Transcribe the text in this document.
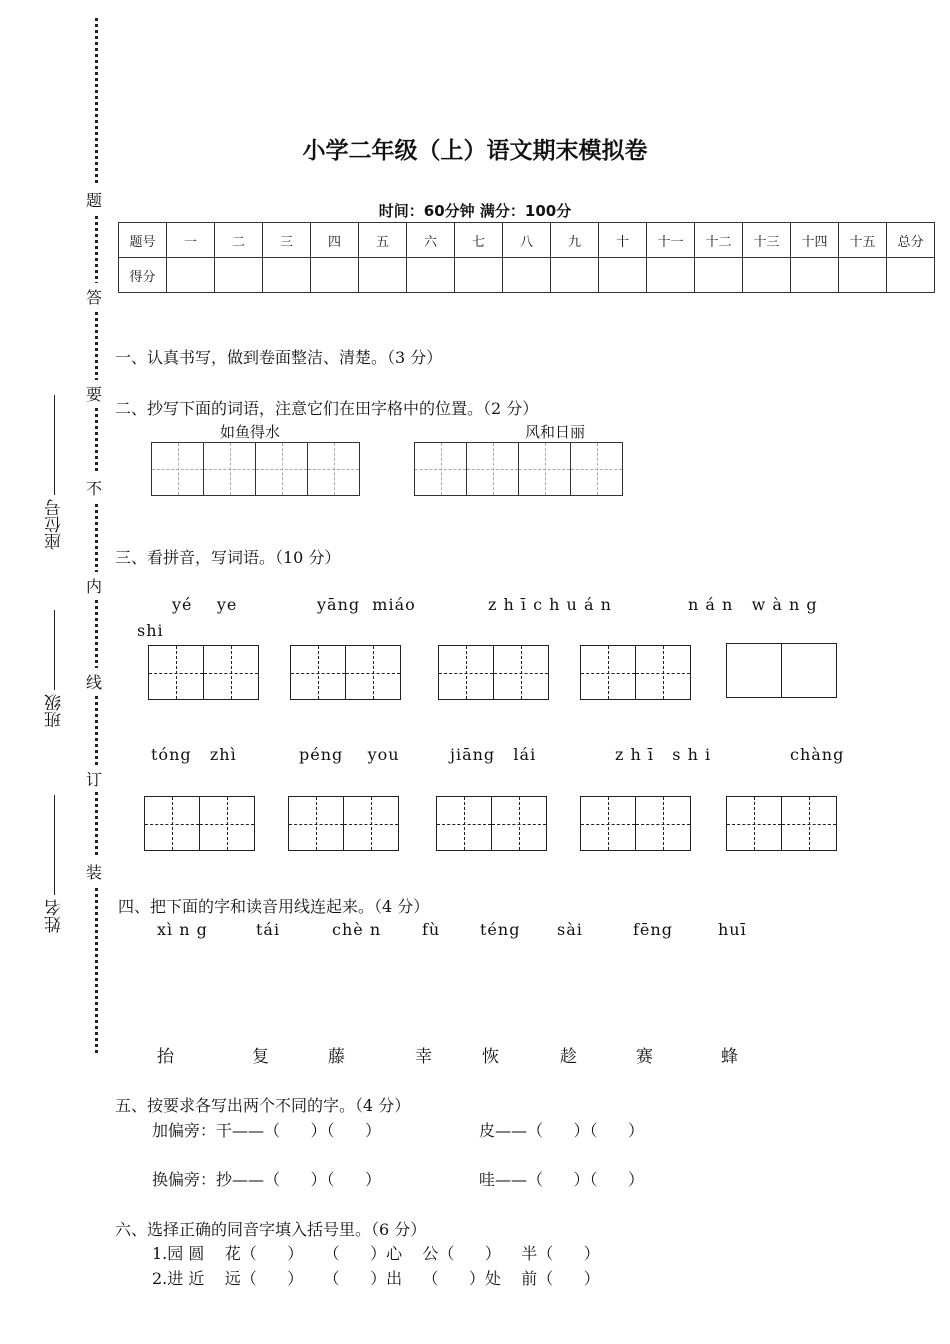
题
答
要
不
内
线
订
装
座位号
班级
姓名
小学二年级（上）语文期末模拟卷
时间：60分钟 满分：100分
题号	一	二	三	四	五	六	七	八	九	十	十一	十二	十三	十四	十五	总分
得分																
一、认真书写，做到卷面整洁、清楚。（3 分）
二、抄写下面的词语，注意它们在田字格中的位置。（2 分）
如鱼得水	风和日丽
三、看拼音，写词语。（10 分）
yé    ye	yāng  miáo	z h ī c h u á n	n á n   w à n g
shi
tóng   zhì	péng    you	jiāng   lái	z h ī   s h i	chàng
四、把下面的字和读音用线连起来。（4 分）
xì n g	tái	chè n	fù téng sài	fēng	huī
抬	复	藤	幸	恢	趁	赛	蜂
五、按要求各写出两个不同的字。（4 分）
加偏旁：干——（      ）（      ）	皮——（      ）（      ）
换偏旁：抄——（      ）（      ）	哇——（      ）（      ）
六、选择正确的同音字填入括号里。（6 分）
1.园 圆    花（      ）    （      ）心    公（      ）    半（      ）
2.进 近    远（      ）    （      ）出    （      ）处    前（      ）
